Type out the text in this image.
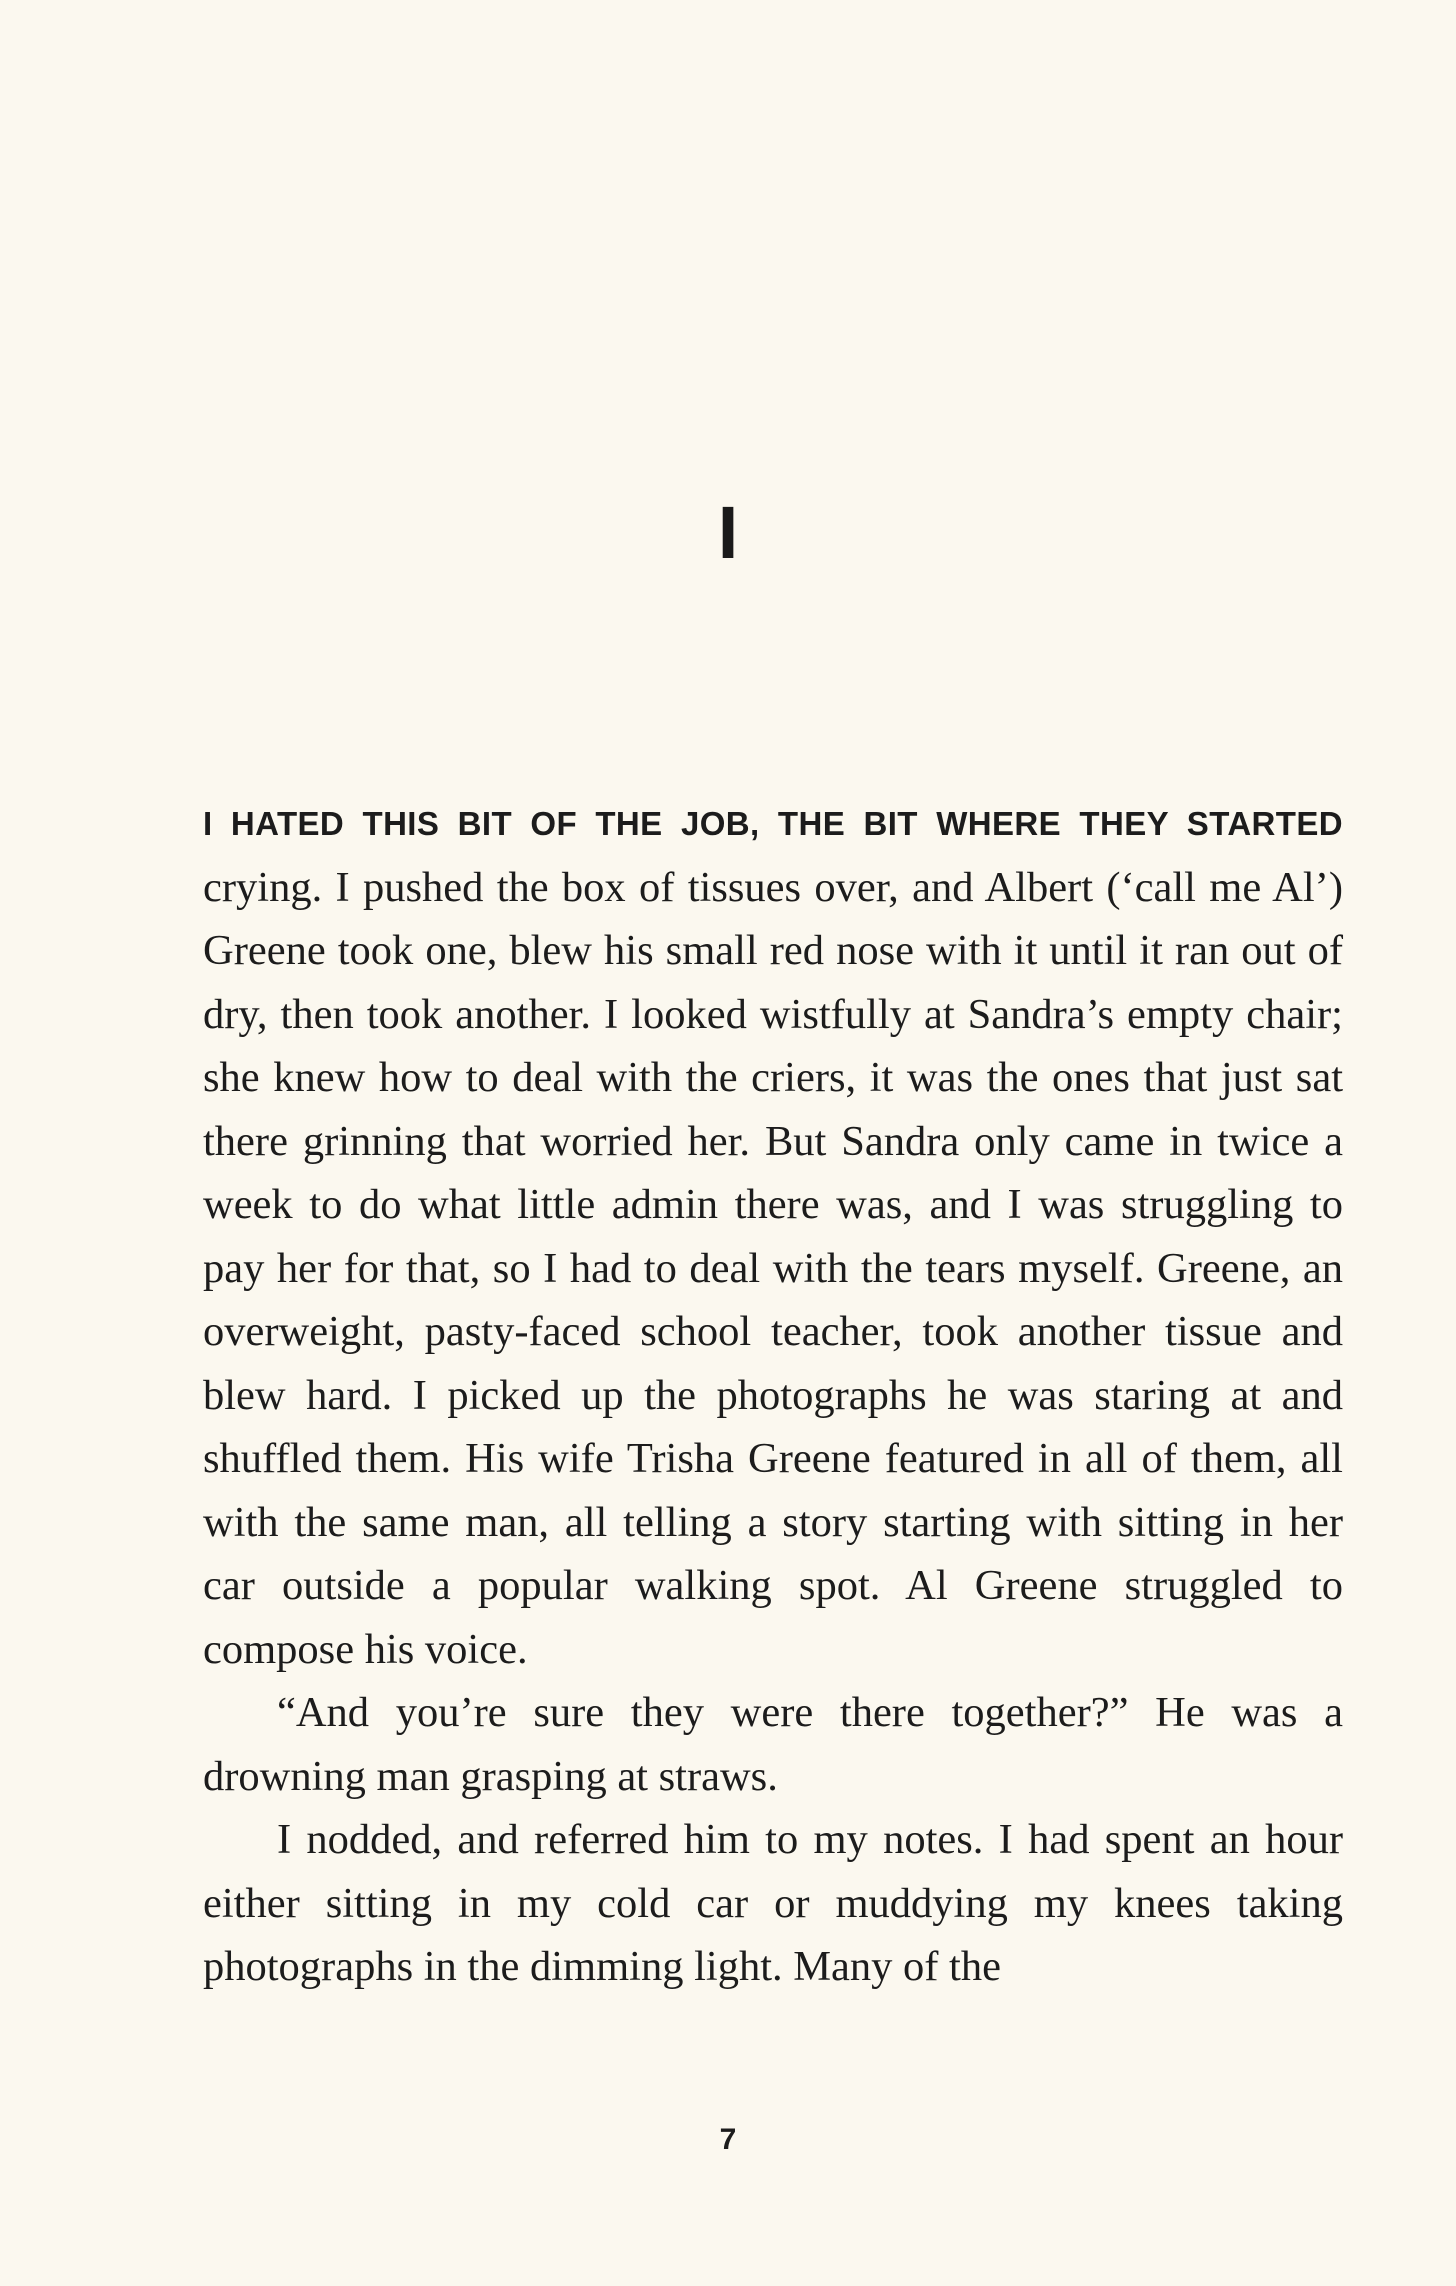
I

I HATED THIS BIT OF THE JOB, THE BIT WHERE THEY STARTED crying. I pushed the box of tissues over, and Albert (‘call me Al’) Greene took one, blew his small red nose with it until it ran out of dry, then took another. I looked wistfully at Sandra’s empty chair; she knew how to deal with the criers, it was the ones that just sat there grinning that worried her. But Sandra only came in twice a week to do what little admin there was, and I was struggling to pay her for that, so I had to deal with the tears myself. Greene, an overweight, pasty-faced school teacher, took another tissue and blew hard. I picked up the photographs he was staring at and shuffled them. His wife Trisha Greene featured in all of them, all with the same man, all telling a story starting with sitting in her car outside a popular walking spot. Al Greene struggled to compose his voice.

“And you’re sure they were there together?” He was a drowning man grasping at straws.

I nodded, and referred him to my notes. I had spent an hour either sitting in my cold car or muddying my knees taking photographs in the dimming light. Many of the

7
